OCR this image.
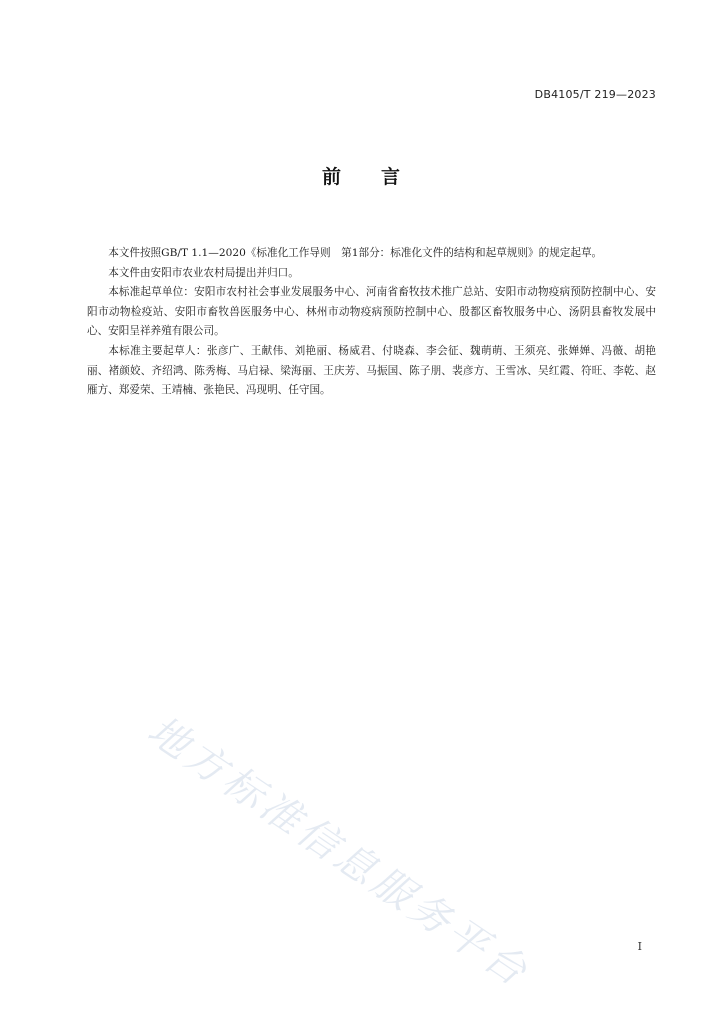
DB4105/T 219—2023
前 言

本文件按照GB/T 1.1—2020《标准化工作导则　第1部分：标准化文件的结构和起草规则》的规定起草。

本文件由安阳市农业农村局提出并归口。

本标准起草单位：安阳市农村社会事业发展服务中心、河南省畜牧技术推广总站、安阳市动物疫病预防控制中心、安阳市动物检疫站、安阳市畜牧兽医服务中心、林州市动物疫病预防控制中心、殷都区畜牧服务中心、汤阴县畜牧发展中心、安阳呈祥养殖有限公司。

本标准主要起草人：张彦广、王献伟、刘艳丽、杨威君、付晓森、李会征、魏萌萌、王须亮、张婵婵、冯薇、胡艳丽、褚颜姣、齐绍鸿、陈秀梅、马启禄、梁海丽、王庆芳、马振国、陈子朋、裴彦方、王雪冰、吴红霞、符旺、李乾、赵雁方、郑爱荣、王靖楠、张艳民、冯现明、任守国。

地方标准信息服务平台	I
